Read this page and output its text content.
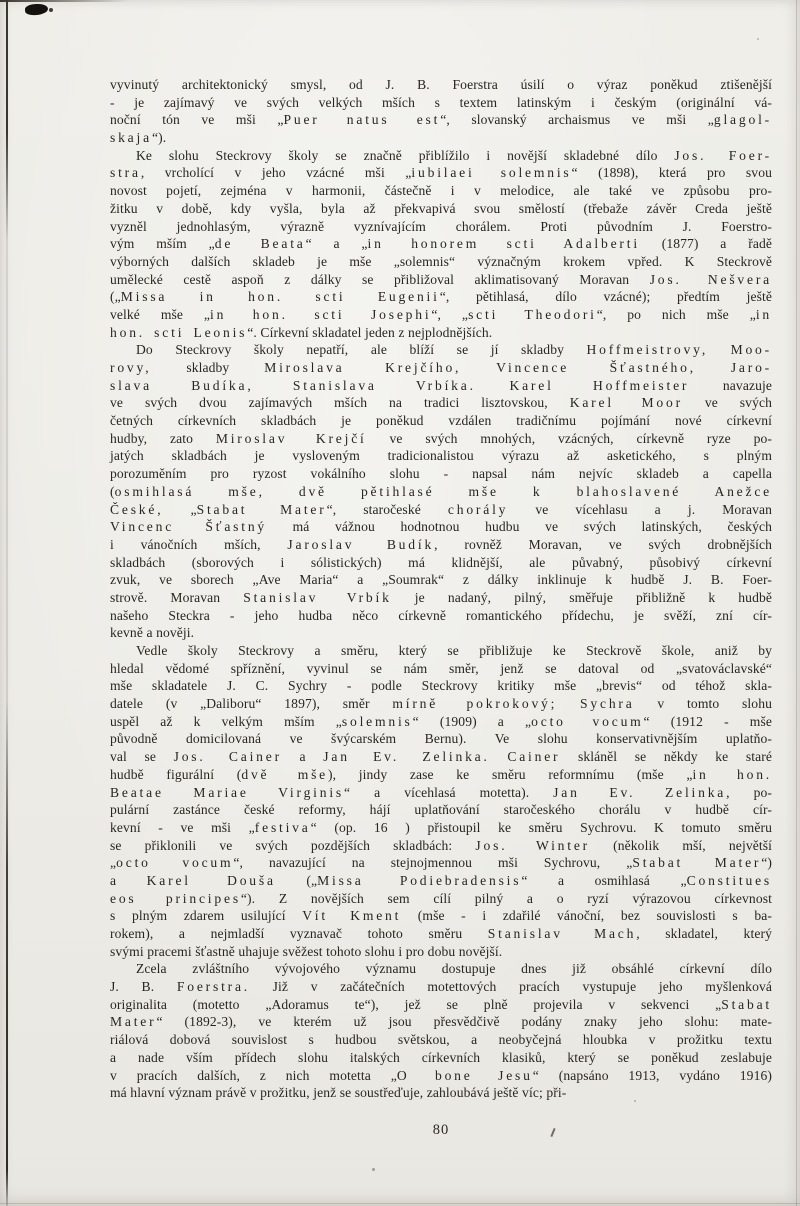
vyvinutý architektonický smysl, od J. B. Foerstra úsilí o výraz poněkud ztišenější
- je zajímavý ve svých velkých mších s textem latinským i českým (originální vá-
noční tón ve mši „Puer natus est“, slovanský archaismus ve mši „glagol-
skaja“).
Ke slohu Steckrovy školy se značně přiblížilo i novější skladebné dílo Jos. Foer-
stra, vrcholící v jeho vzácné mši „iubilaei solemnis“ (1898), která pro svou
novost pojetí, zejména v harmonii, částečně i v melodice, ale také ve způsobu pro-
žitku v době, kdy vyšla, byla až překvapivá svou smělostí (třebaže závěr Creda ještě
vyzněl jednohlasým, výrazně vyznívajícím chorálem. Proti původním J. Foerstro-
vým mším „de Beata“ a „in honorem scti Adalberti (1877) a řadě
výborných dalších skladeb je mše „solemnis“ význačným krokem vpřed. K Steckrově
umělecké cestě aspoň z dálky se přibližoval aklimatisovaný Moravan Jos. Nešvera
(„Missa in hon. scti Eugenii“, pětihlasá, dílo vzácné); předtím ještě
velké mše „in hon. scti Josephi“, „scti Theodori“, po nich mše „in
hon. scti Leonis“. Církevní skladatel jeden z nejplodnějších.
Do Steckrovy školy nepatří, ale blíží se jí skladby Hoffmeistrovy, Moo-
rovy, skladby Miroslava Krejčího,	Vincence Šťastného,	Jaro-
slava Budíka, Stanislava Vrbíka. Karel Hoffmeister navazuje
ve svých dvou zajímavých mších na tradici lisztovskou, Karel Moor ve svých
četných církevních skladbách je poněkud vzdálen tradičnímu pojímání nové církevní
hudby, zato Miroslav Krejčí ve svých mnohých, vzácných, církevně ryze po-
jatých skladbách je vysloveným tradicionalistou výrazu až asketického, s plným
porozuměním pro ryzost vokálního slohu - napsal nám nejvíc skladeb a capella
(osmihlasá mše, dvě pětihlasé mše k blahoslavené Anežce
České, „Stabat Mater“, staročeské chorály ve vícehlasu a j. Moravan
Vincenc Šťastný má vážnou hodnotnou hudbu ve svých latinských, českých
i vánočních mších, Jaroslav Budík, rovněž Moravan, ve svých drobnějších
skladbách (sborových i sólistických) má klidnější, ale půvabný, působivý církevní
zvuk, ve sborech „Ave Maria“ a „Soumrak“ z dálky inklinuje k hudbě J. B. Foer-
strově. Moravan Stanislav Vrbík je nadaný, pilný, směřuje přibližně k hudbě
našeho Steckra - jeho hudba něco církevně romantického přídechu, je svěží, zní cír-
kevně a nověji.
Vedle školy Steckrovy a směru, který se přibližuje ke Steckrově škole, aniž by
hledal vědomé spříznění, vyvinul se nám směr, jenž se datoval od „svatováclavské“
mše skladatele J. C. Sychry - podle Steckrovy kritiky mše „brevis“ od téhož skla-
datele (v „Daliboru“ 1897), směr mírně pokrokový; Sychra v tomto slohu
uspěl až k velkým mším „solemnis“ (1909) a „octo vocum“ (1912 - mše
původně domicilovaná ve švýcarském Bernu). Ve slohu konservativnějším uplatňo-
val se Jos. Cainer a Jan Ev. Zelinka. Cainer skláněl se někdy ke staré
hudbě figurální (dvě mše), jindy zase ke směru reformnímu (mše „in hon.
Beatae Mariae Virginis“ a vícehlasá motetta). Jan Ev. Zelinka, po-
pulární zastánce české reformy, hájí uplatňování staročeského chorálu v hudbě cír-
kevní - ve mši „festiva“ (op. 16 ) přistoupil ke směru Sychrovu. K tomuto směru
se přiklonili ve svých pozdějších skladbách: Jos. Winter (několik mší, největší
„octo vocum“, navazující na stejnojmennou mši Sychrovu, „Stabat Mater“)
a Karel Douša („Missa Podiebradensis“ a osmihlasá „Constitues
eos principes“). Z novějších sem cílí pilný a o ryzí výrazovou církevnost
s plným zdarem usilující Vít Kment (mše - i zdařilé vánoční, bez souvislosti s ba-
rokem), a nejmladší vyznavač tohoto směru Stanislav Mach, skladatel, který
svými pracemi šťastně uhajuje svěžest tohoto slohu i pro dobu novější.
Zcela zvláštního vývojového významu dostupuje dnes již obsáhlé církevní dílo
J. B. Foerstra. Již v začátečních motettových pracích vystupuje jeho myšlenková
originalita (motetto „Adoramus te“), jež se plně projevila v sekvenci „Stabat
Mater“ (1892-3), ve kterém už jsou přesvědčivě podány znaky jeho slohu: mate-
riálová dobová souvislost s hudbou světskou, a neobyčejná hloubka v prožitku textu
a nade vším přídech slohu italských církevních klasiků, který se poněkud zeslabuje
v pracích dalších, z nich motetta „O bone Jesu“ (napsáno 1913, vydáno 1916)
má hlavní význam právě v prožitku, jenž se soustřeďuje, zahloubává ještě víc; při-
80
